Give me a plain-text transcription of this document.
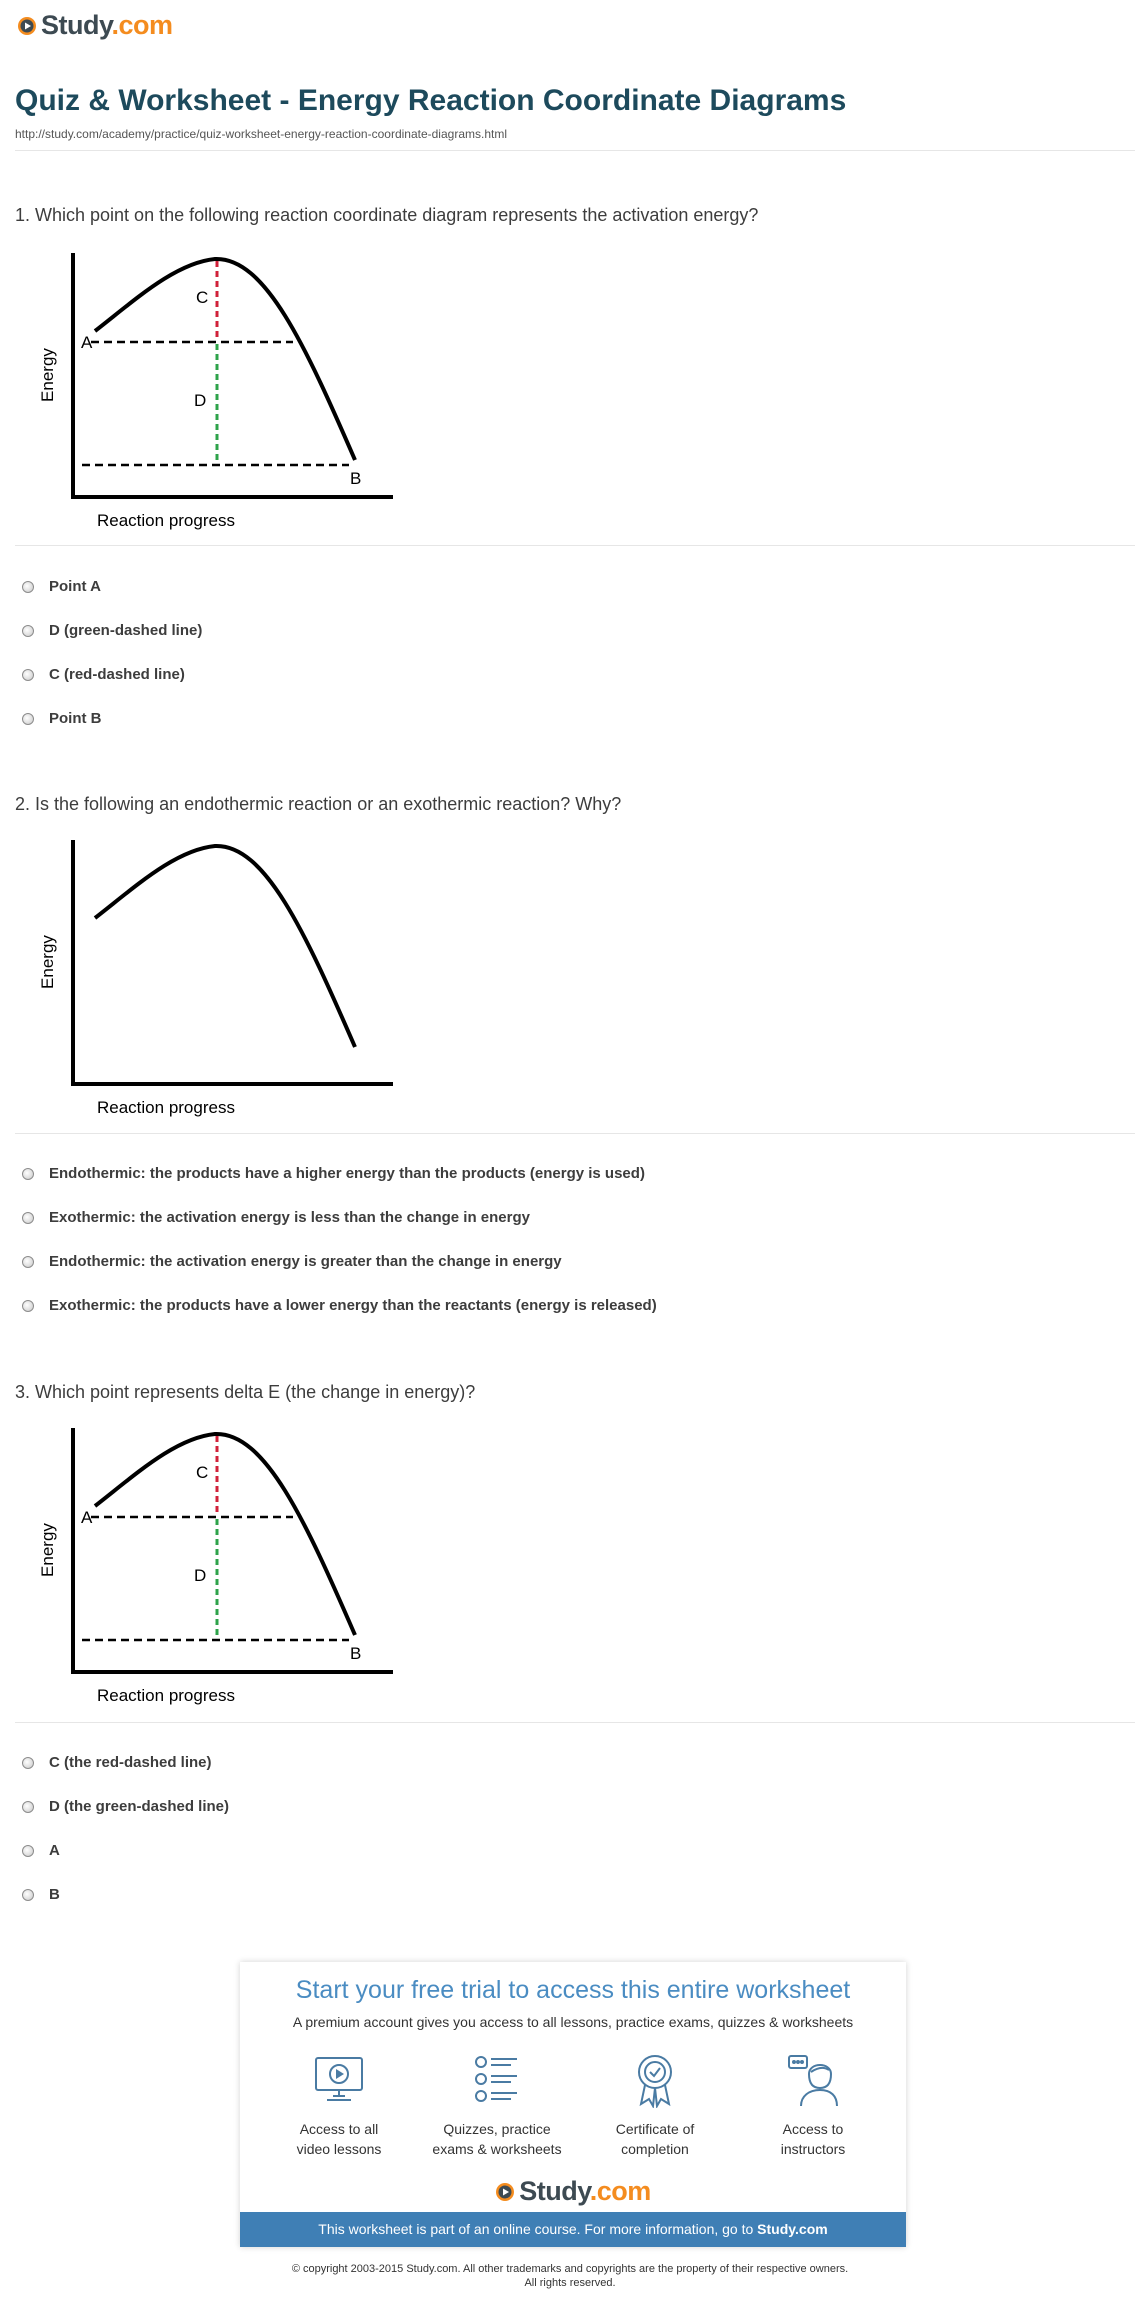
Study.com
Quiz & Worksheet - Energy Reaction Coordinate Diagrams
http://study.com/academy/practice/quiz-worksheet-energy-reaction-coordinate-diagrams.html
1. Which point on the following reaction coordinate diagram represents the activation energy?
C
D
A
B
Reaction progress
Energy
Point A
D (green-dashed line)
C (red-dashed line)
Point B
2. Is the following an endothermic reaction or an exothermic reaction? Why?
Reaction progress
Energy
Endothermic: the products have a higher energy than the products (energy is used)
Exothermic: the activation energy is less than the change in energy
Endothermic: the activation energy is greater than the change in energy
Exothermic: the products have a lower energy than the reactants (energy is released)
3. Which point represents delta E (the change in energy)?
C
D
A
B
Reaction progress
Energy
C (the red-dashed line)
D (the green-dashed line)
A
B
Start your free trial to access this entire worksheet
A premium account gives you access to all lessons, practice exams, quizzes & worksheets
Access to all
video lessons
Quizzes, practice
exams & worksheets
Certificate of
completion
Access to
instructors
Study.com
This worksheet is part of an online course. For more information, go to Study.com
© copyright 2003-2015 Study.com. All other trademarks and copyrights are the property of their respective owners.
All rights reserved.
